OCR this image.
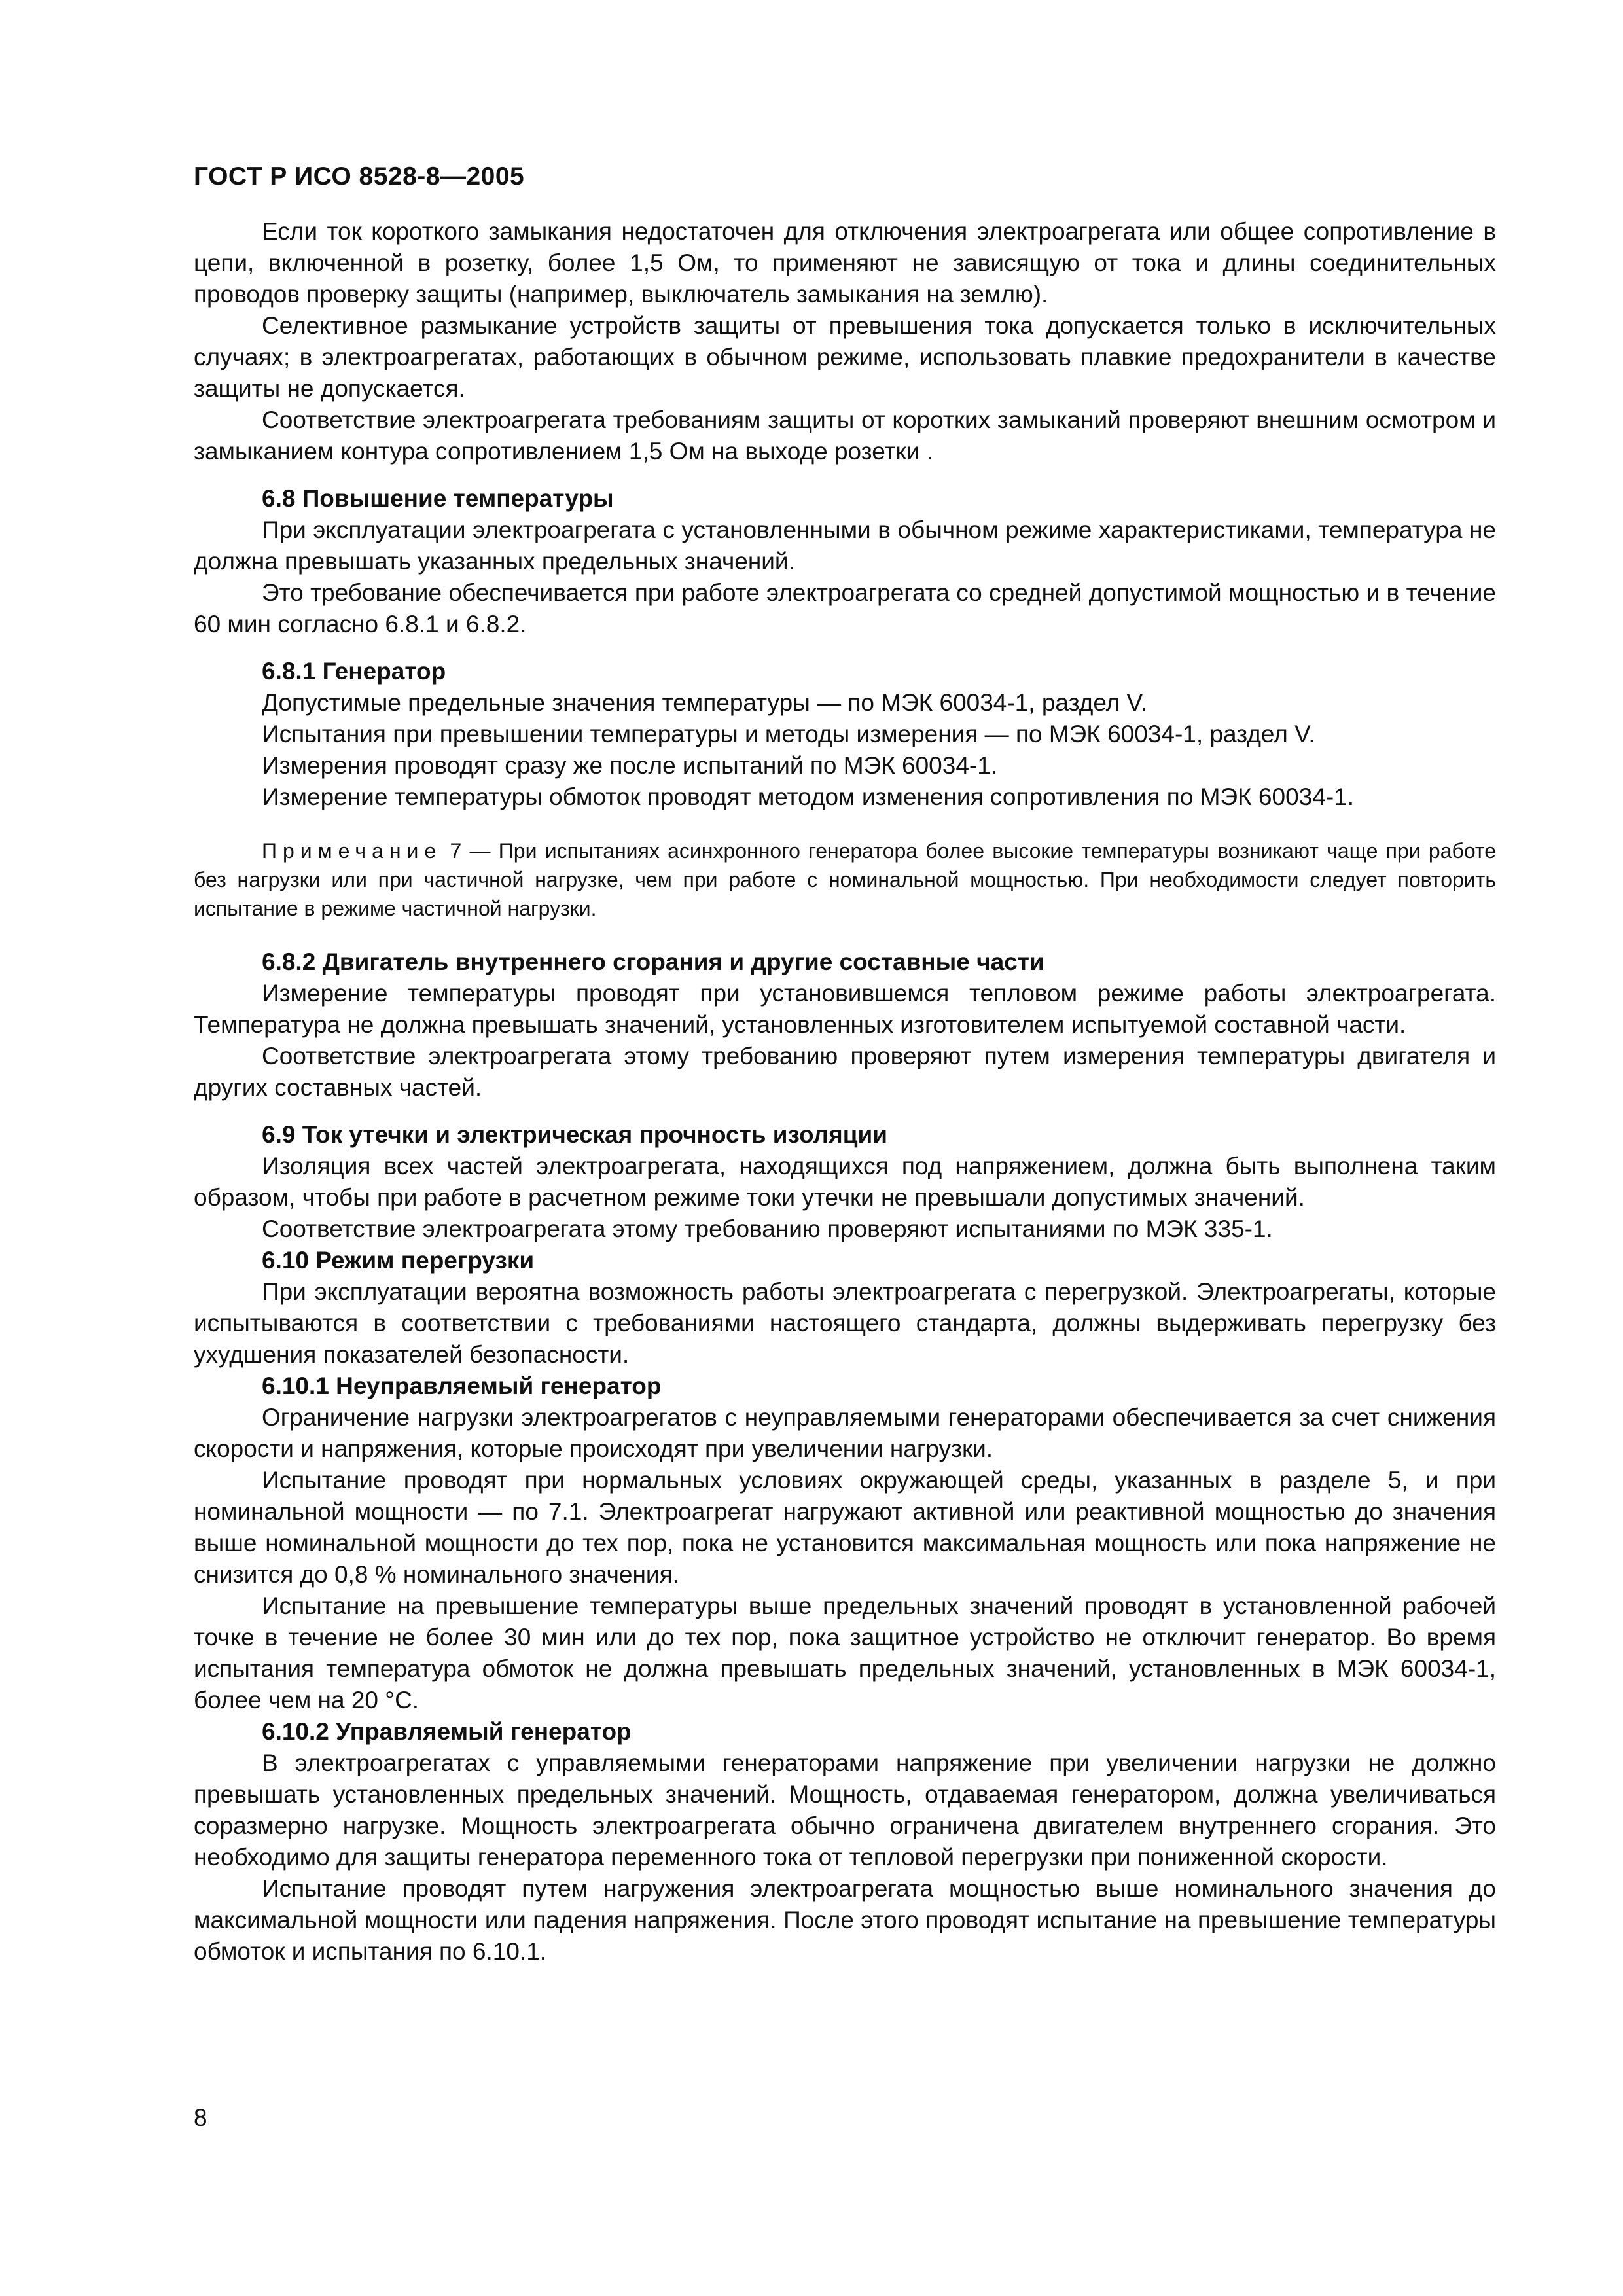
ГОСТ Р ИСО 8528-8—2005

Если ток короткого замыкания недостаточен для отключения электроагрегата или общее сопротивление в цепи, включенной в розетку, более 1,5 Ом, то применяют не зависящую от тока и длины соединительных проводов проверку защиты (например, выключатель замыкания на землю).

Селективное размыкание устройств защиты от превышения тока допускается только в исключительных случаях; в электроагрегатах, работающих в обычном режиме, использовать плавкие предохранители в качестве защиты не допускается.

Соответствие электроагрегата требованиям защиты от коротких замыканий проверяют внешним осмотром и замыканием контура сопротивлением 1,5 Ом на выходе розетки .

6.8 Повышение температуры

При эксплуатации электроагрегата с установленными в обычном режиме характеристиками, температура не должна превышать указанных предельных значений.

Это требование обеспечивается при работе электроагрегата со средней допустимой мощностью и в течение 60 мин согласно 6.8.1 и 6.8.2.

6.8.1 Генератор

Допустимые предельные значения температуры — по МЭК 60034-1, раздел V.

Испытания при превышении температуры и методы измерения — по МЭК 60034-1, раздел V.

Измерения проводят сразу же после испытаний по МЭК 60034-1.

Измерение температуры обмоток проводят методом изменения сопротивления по МЭК 60034-1.

Примечание 7 — При испытаниях асинхронного генератора более высокие температуры возникают чаще при работе без нагрузки или при частичной нагрузке, чем при работе с номинальной мощностью. При необходимости следует повторить испытание в режиме частичной нагрузки.
6.8.2 Двигатель внутреннего сгорания и другие составные части

Измерение температуры проводят при установившемся тепловом режиме работы электроагрегата. Температура не должна превышать значений, установленных изготовителем испытуемой составной части.

Соответствие электроагрегата этому требованию проверяют путем измерения температуры двигателя и других составных частей.

6.9 Ток утечки и электрическая прочность изоляции

Изоляция всех частей электроагрегата, находящихся под напряжением, должна быть выполнена таким образом, чтобы при работе в расчетном режиме токи утечки не превышали допустимых значений.

Соответствие электроагрегата этому требованию проверяют испытаниями по МЭК 335-1.

6.10 Режим перегрузки

При эксплуатации вероятна возможность работы электроагрегата с перегрузкой. Электроагрегаты, которые испытываются в соответствии с требованиями настоящего стандарта, должны выдерживать перегрузку без ухудшения показателей безопасности.

6.10.1 Неуправляемый генератор

Ограничение нагрузки электроагрегатов с неуправляемыми генераторами обеспечивается за счет снижения скорости и напряжения, которые происходят при увеличении нагрузки.

Испытание проводят при нормальных условиях окружающей среды, указанных в разделе 5, и при номинальной мощности — по 7.1. Электроагрегат нагружают активной или реактивной мощностью до значения выше номинальной мощности до тех пор, пока не установится максимальная мощность или пока напряжение не снизится до 0,8 % номинального значения.

Испытание на превышение температуры выше предельных значений проводят в установленной рабочей точке в течение не более 30 мин или до тех пор, пока защитное устройство не отключит генератор. Во время испытания температура обмоток не должна превышать предельных значений, установленных в МЭК 60034-1, более чем на 20 °С.

6.10.2 Управляемый генератор

В электроагрегатах с управляемыми генераторами напряжение при увеличении нагрузки не должно превышать установленных предельных значений. Мощность, отдаваемая генератором, должна увеличиваться соразмерно нагрузке. Мощность электроагрегата обычно ограничена двигателем внутреннего сгорания. Это необходимо для защиты генератора переменного тока от тепловой перегрузки при пониженной скорости.

Испытание проводят путем нагружения электроагрегата мощностью выше номинального значения до максимальной мощности или падения напряжения. После этого проводят испытание на превышение температуры обмоток и испытания по 6.10.1.

8
